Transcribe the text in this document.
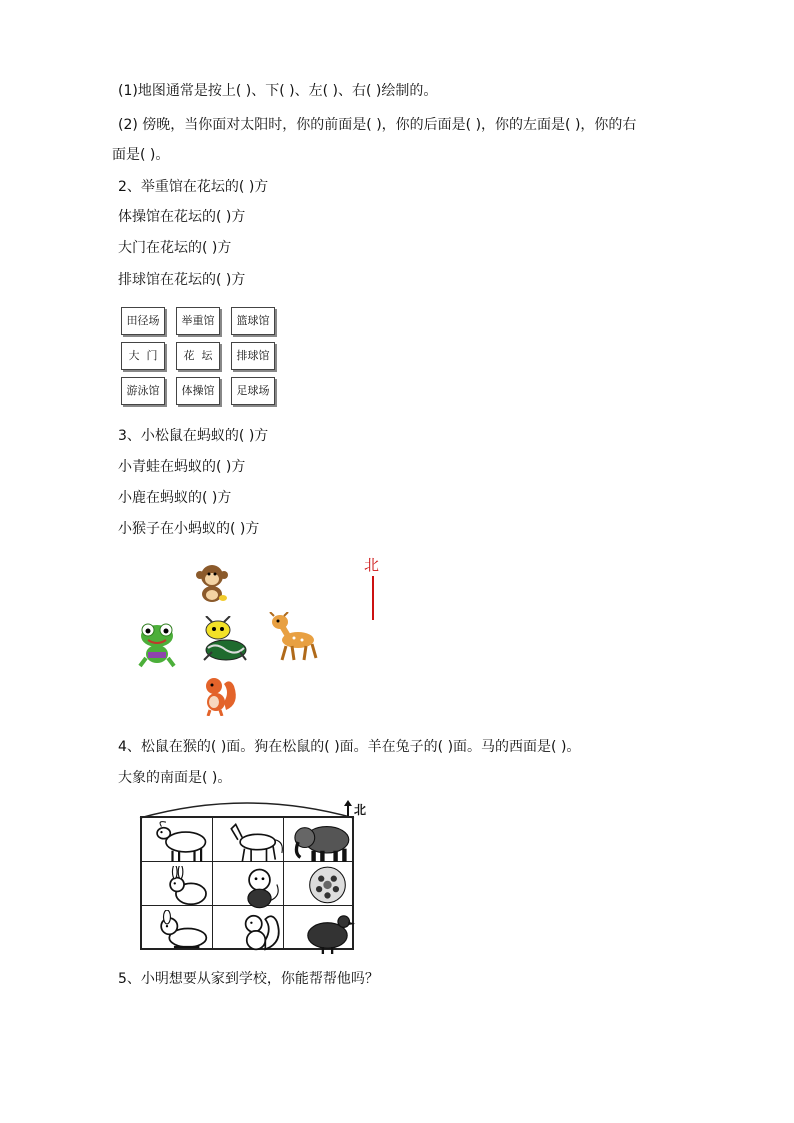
(1)地图通常是按上( )、下( )、左( )、右( )绘制的。
(2) 傍晚，当你面对太阳时，你的前面是( )，你的后面是( )，你的左面是( )，你的右
面是( )。
2、举重馆在花坛的( )方
体操馆在花坛的( )方
大门在花坛的( )方
排球馆在花坛的( )方
田径场	举重馆	篮球馆
大  门	花  坛	排球馆
游泳馆	体操馆	足球场
3、小松鼠在蚂蚁的( )方
小青蛙在蚂蚁的( )方
小鹿在蚂蚁的( )方
小猴子在小蚂蚁的( )方
北
4、松鼠在猴的( )面。狗在松鼠的( )面。羊在兔子的( )面。马的西面是( )。
大象的南面是( )。
北
5、小明想要从家到学校，你能帮帮他吗？
